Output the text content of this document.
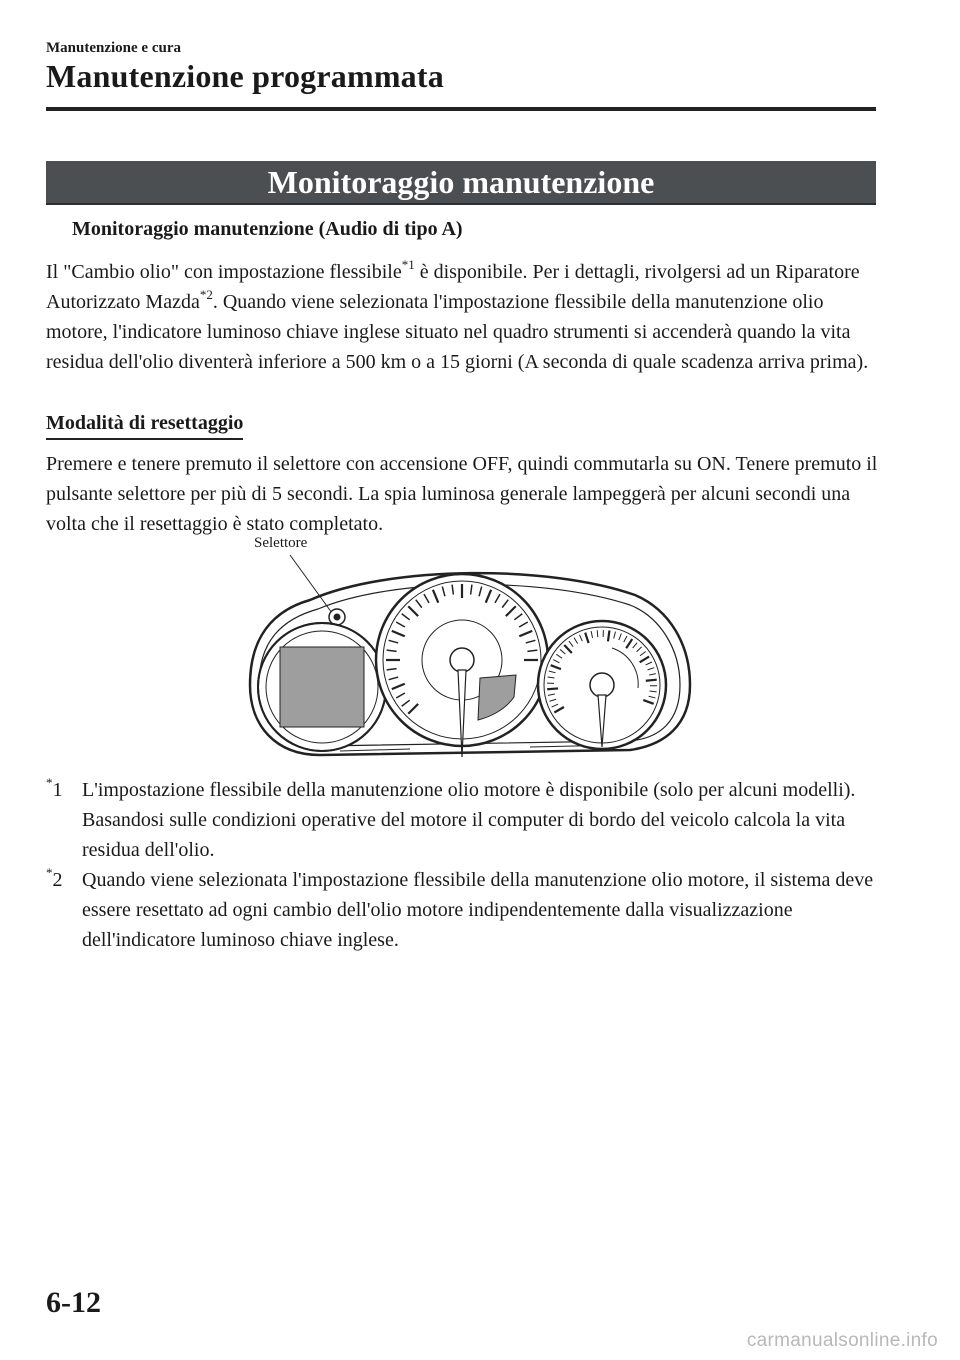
Manutenzione e cura
Manutenzione programmata
Monitoraggio manutenzione
Monitoraggio manutenzione (Audio di tipo A)

Il "Cambio olio" con impostazione flessibile$^{*1}$ è disponibile. Per i dettagli, rivolgersi ad un Riparatore Autorizzato Mazda$^{*2}$. Quando viene selezionata l'impostazione flessibile della manutenzione olio motore, l'indicatore luminoso chiave inglese situato nel quadro strumenti si accenderà quando la vita residua dell'olio diventerà inferiore a 500 km o a 15 giorni (A seconda di quale scadenza arriva prima).

Modalità di resettaggio

Premere e tenere premuto il selettore con accensione OFF, quindi commutarla su ON. Tenere premuto il pulsante selettore per più di 5 secondi. La spia luminosa generale lampeggerà per alcuni secondi una volta che il resettaggio è stato completato.

Selettore
*1 L'impostazione flessibile della manutenzione olio motore è disponibile (solo per alcuni modelli). Basandosi sulle condizioni operative del motore il computer di bordo del veicolo calcola la vita residua dell'olio.
*2 Quando viene selezionata l'impostazione flessibile della manutenzione olio motore, il sistema deve essere resettato ad ogni cambio dell'olio motore indipendentemente dalla visualizzazione dell'indicatore luminoso chiave inglese.
6-12
carmanualsonline.info
